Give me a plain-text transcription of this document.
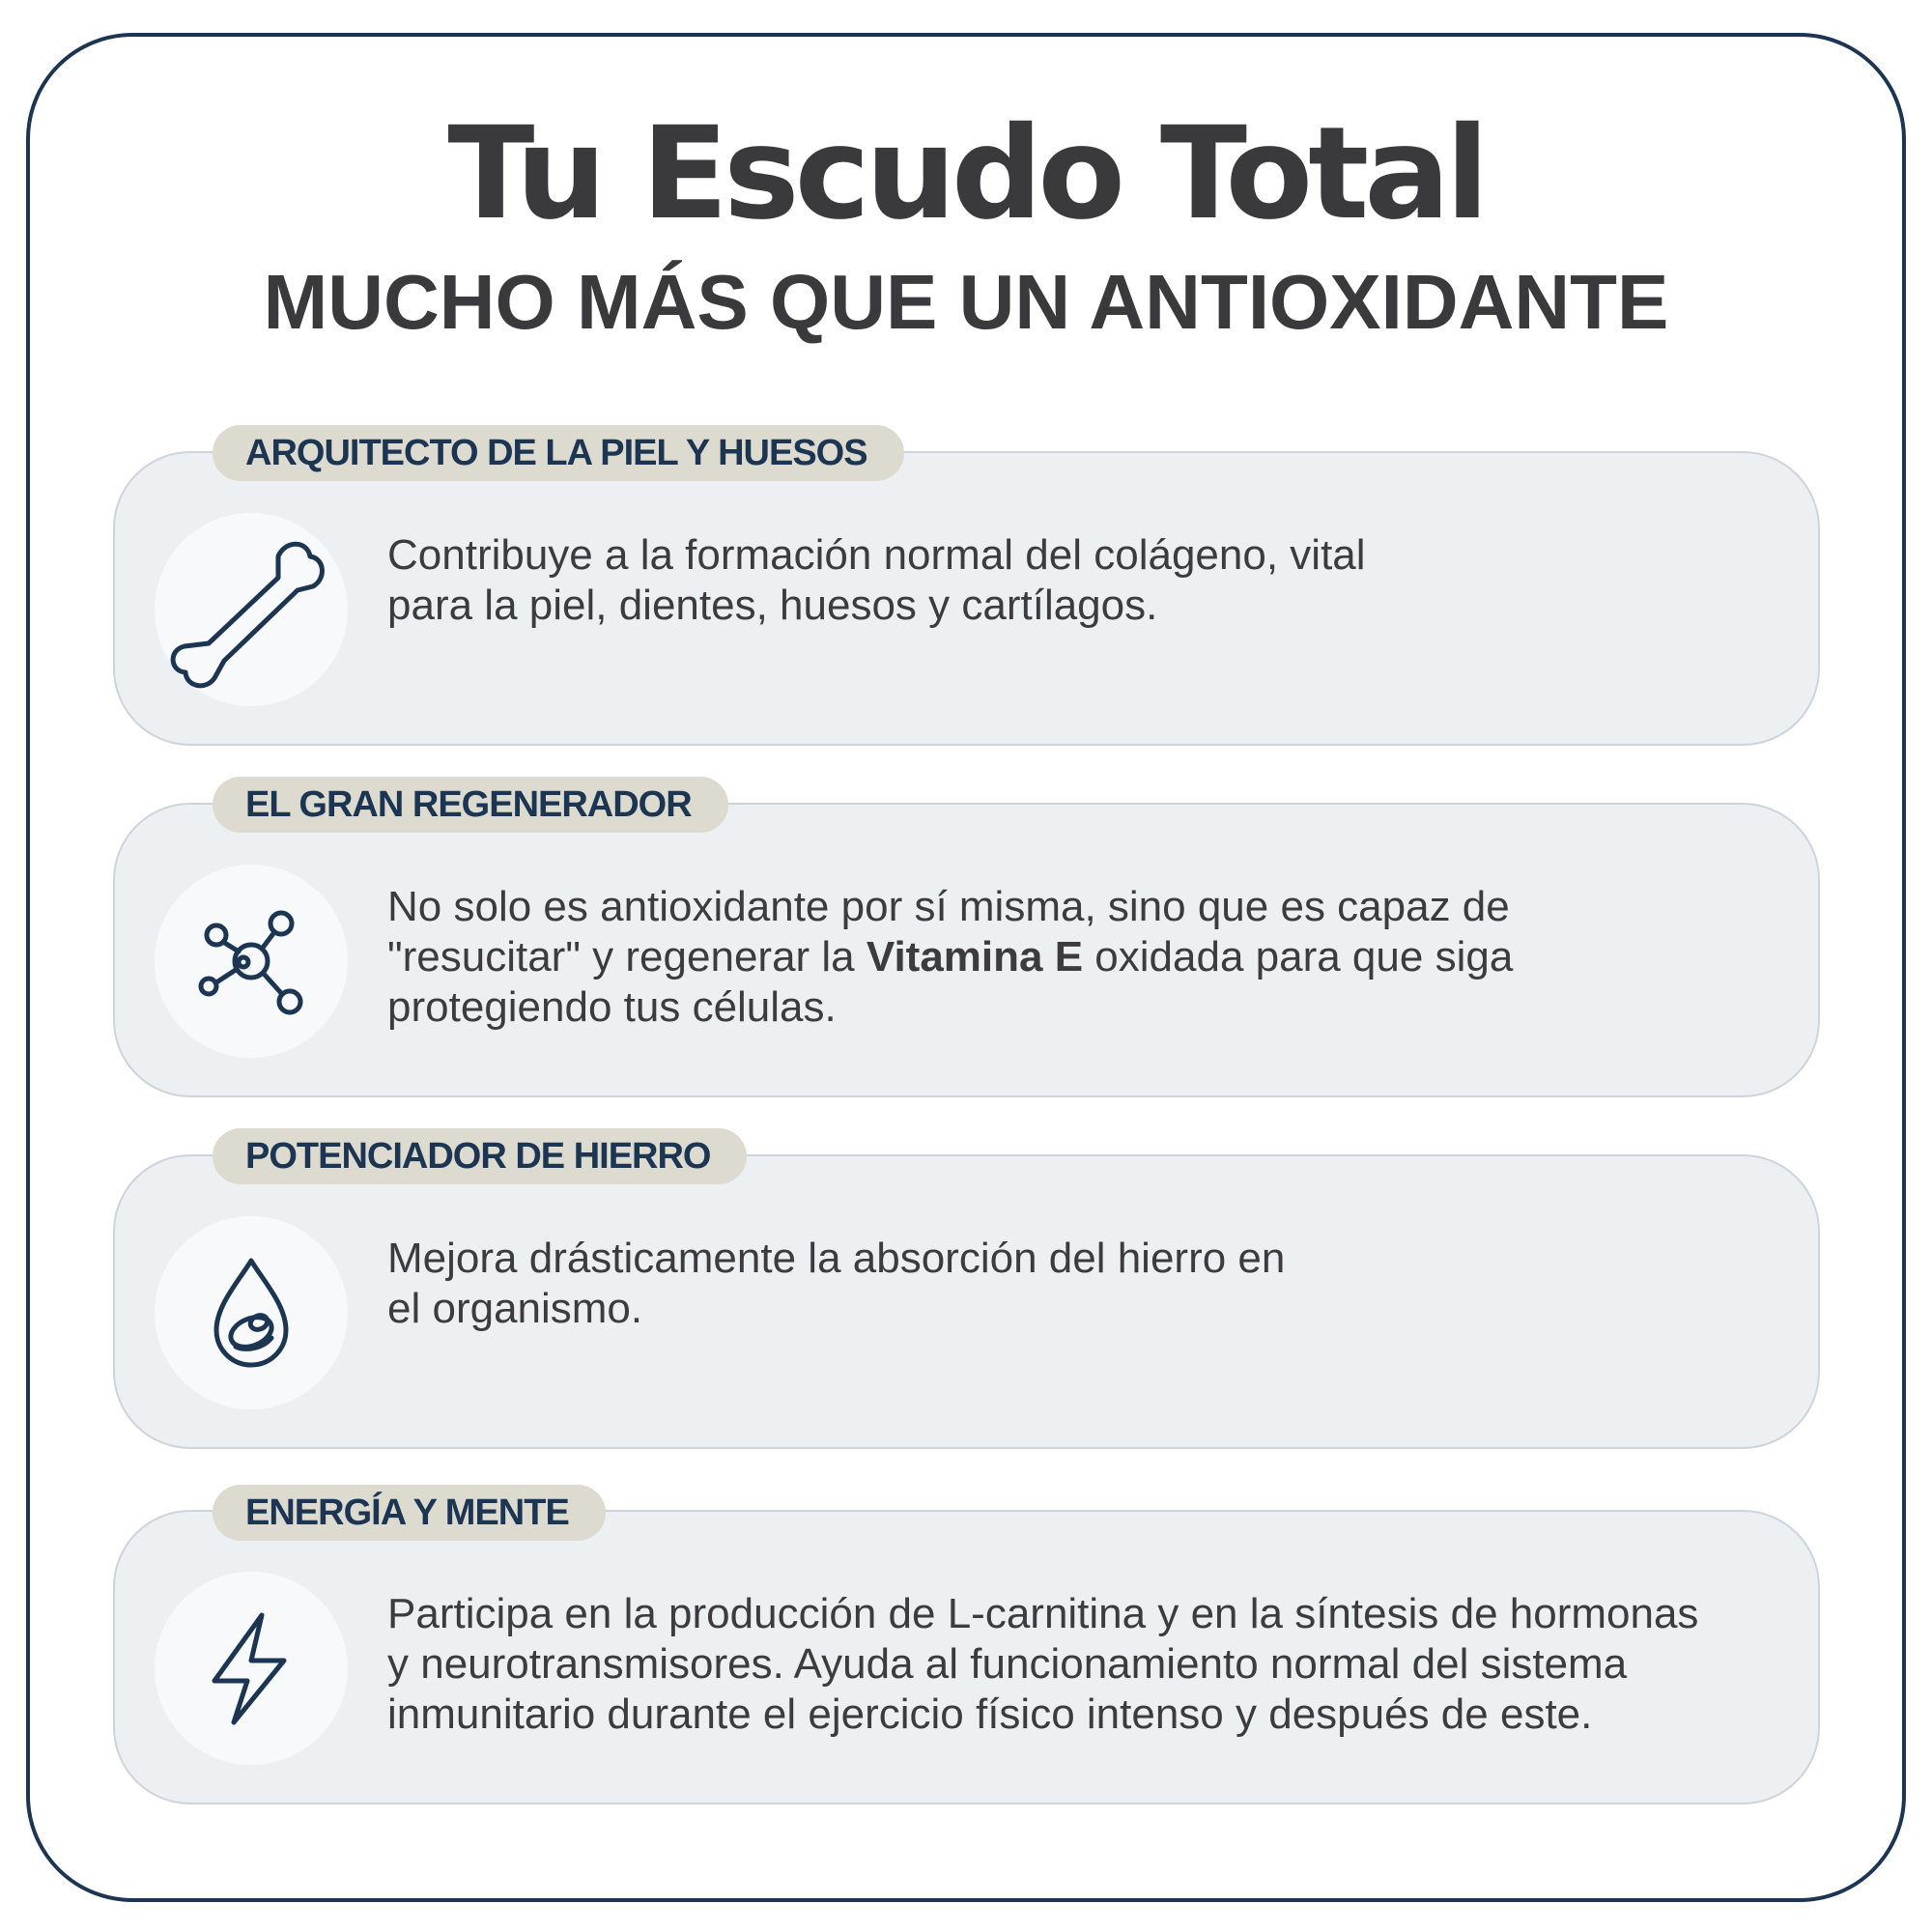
Tu Escudo Total
MUCHO MÁS QUE UN ANTIOXIDANTE

Contribuye a la formación normal del colágeno, vital
para la piel, dientes, huesos y cartílagos.

ARQUITECTO DE LA PIEL Y HUESOS

No solo es antioxidante por sí misma, sino que es capaz de
"resucitar" y regenerar la Vitamina E oxidada para que siga
protegiendo tus células.

EL GRAN REGENERADOR

Mejora drásticamente la absorción del hierro en
el organismo.

POTENCIADOR DE HIERRO

Participa en la producción de L-carnitina y en la síntesis de hormonas
y neurotransmisores. Ayuda al funcionamiento normal del sistema
inmunitario durante el ejercicio físico intenso y después de este.

ENERGÍA Y MENTE
